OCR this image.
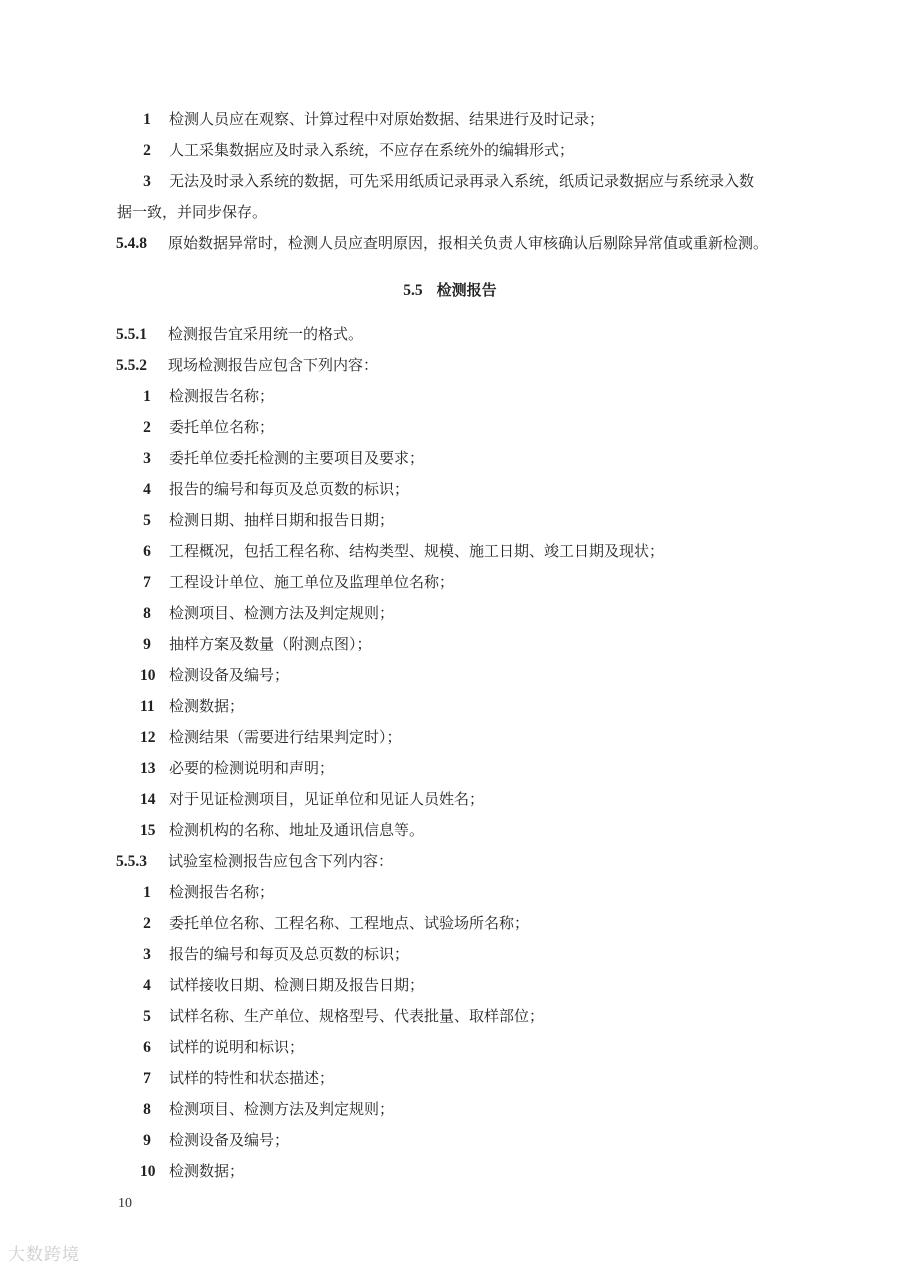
1 检测人员应在观察、计算过程中对原始数据、结果进行及时记录；
2 人工采集数据应及时录入系统，不应存在系统外的编辑形式；
3 无法及时录入系统的数据，可先采用纸质记录再录入系统，纸质记录数据应与系统录入数
据一致，并同步保存。
5.4.8 原始数据异常时，检测人员应查明原因，报相关负责人审核确认后剔除异常值或重新检测。
5.5 检测报告
5.5.1 检测报告宜采用统一的格式。
5.5.2 现场检测报告应包含下列内容：
1 检测报告名称；
2 委托单位名称；
3 委托单位委托检测的主要项目及要求；
4 报告的编号和每页及总页数的标识；
5 检测日期、抽样日期和报告日期；
6 工程概况，包括工程名称、结构类型、规模、施工日期、竣工日期及现状；
7 工程设计单位、施工单位及监理单位名称；
8 检测项目、检测方法及判定规则；
9 抽样方案及数量（附测点图）；
10 检测设备及编号；
11 检测数据；
12 检测结果（需要进行结果判定时）；
13 必要的检测说明和声明；
14 对于见证检测项目，见证单位和见证人员姓名；
15 检测机构的名称、地址及通讯信息等。
5.5.3 试验室检测报告应包含下列内容：
1 检测报告名称；
2 委托单位名称、工程名称、工程地点、试验场所名称；
3 报告的编号和每页及总页数的标识；
4 试样接收日期、检测日期及报告日期；
5 试样名称、生产单位、规格型号、代表批量、取样部位；
6 试样的说明和标识；
7 试样的特性和状态描述；
8 检测项目、检测方法及判定规则；
9 检测设备及编号；
10 检测数据；
10
大数跨境
